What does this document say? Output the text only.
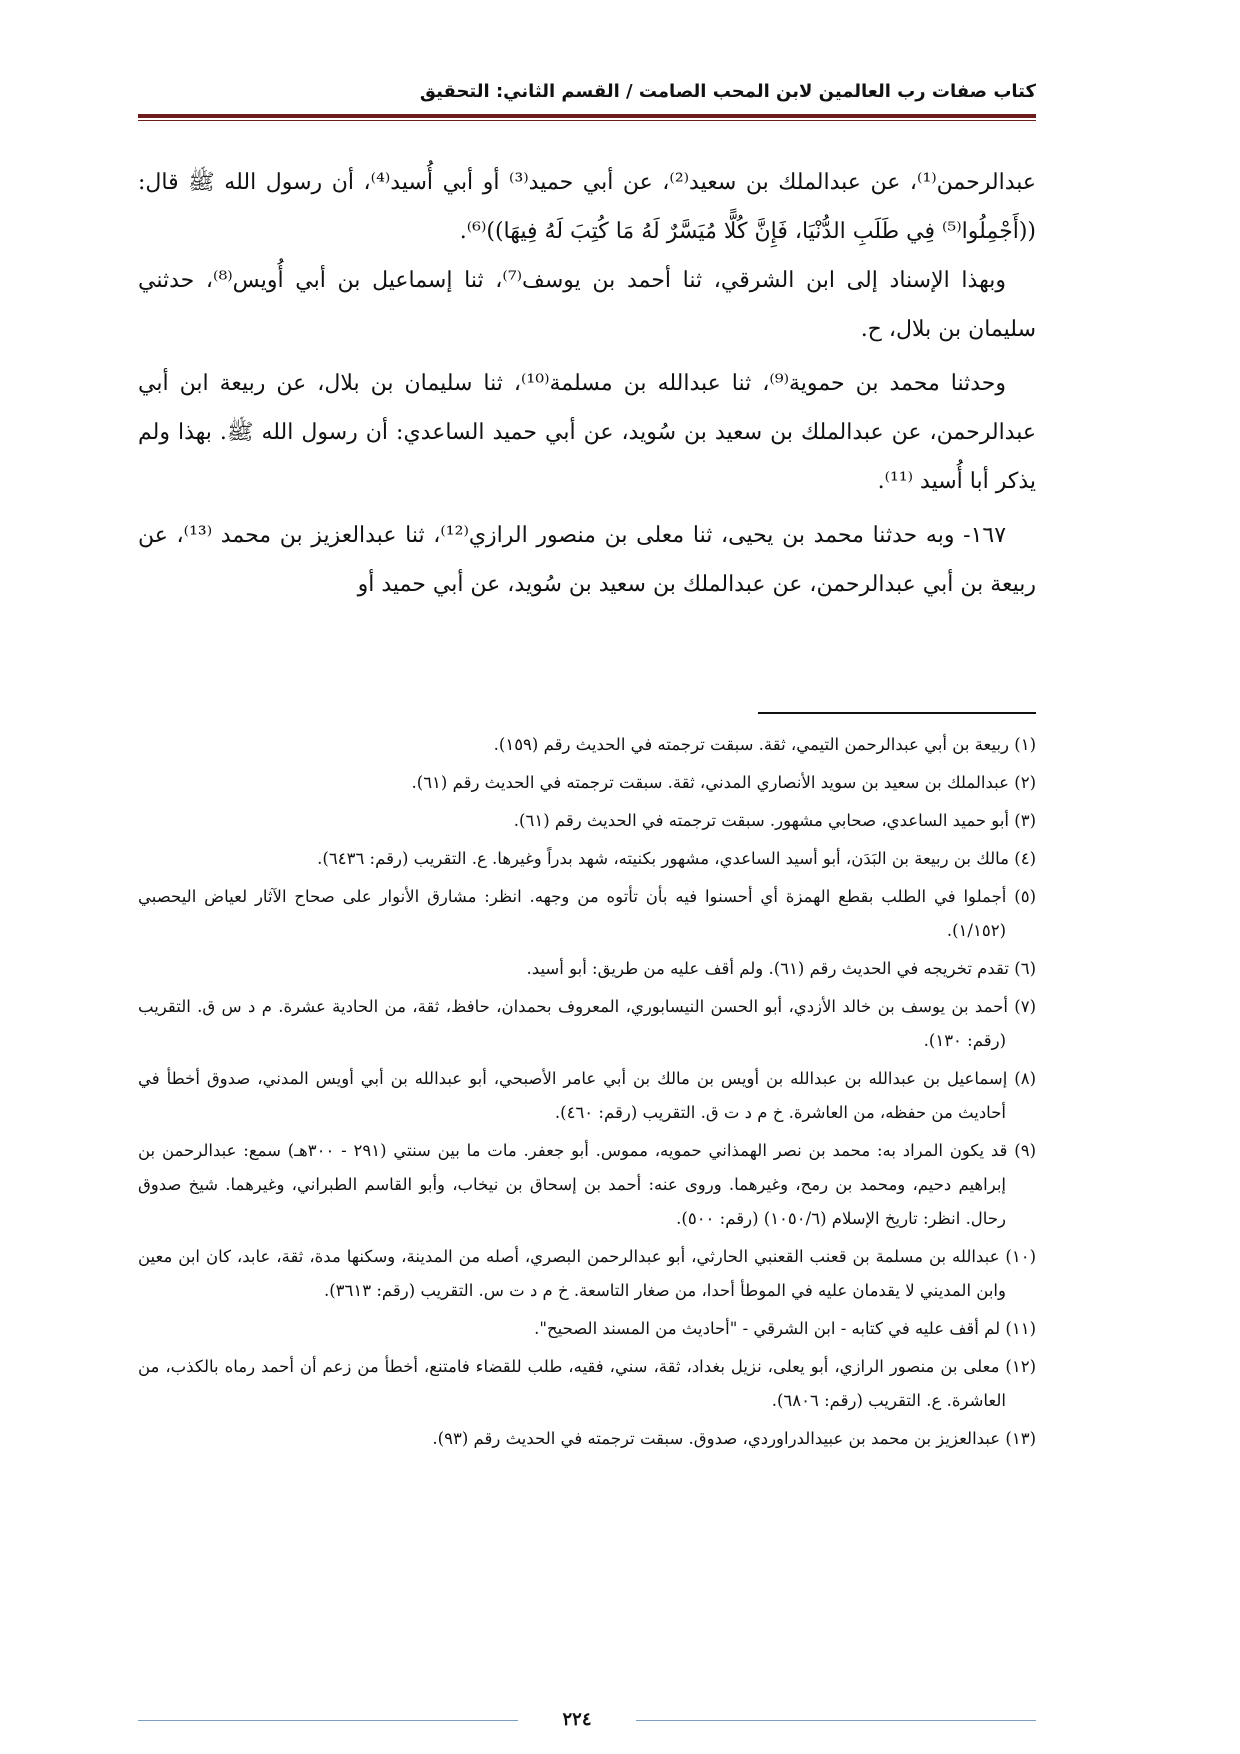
كتاب صفات رب العالمين لابن المحب الصامت / القسم الثاني: التحقيق

عبدالرحمن⁽¹⁾، عن عبدالملك بن سعيد⁽²⁾، عن أبي حميد⁽³⁾ أو أبي أُسيد⁽⁴⁾، أن رسول الله ﷺ قال: ((أَجْمِلُوا⁽⁵⁾ فِي طَلَبِ الدُّنْيَا، فَإِنَّ كُلًّا مُيَسَّرٌ لَهُ مَا كُتِبَ لَهُ فِيهَا))⁽⁶⁾.

وبهذا الإسناد إلى ابن الشرقي، ثنا أحمد بن يوسف⁽⁷⁾، ثنا إسماعيل بن أبي أُويس⁽⁸⁾، حدثني سليمان بن بلال، ح.

وحدثنا محمد بن حموية⁽⁹⁾، ثنا عبدالله بن مسلمة⁽¹⁰⁾، ثنا سليمان بن بلال، عن ربيعة ابن أبي عبدالرحمن، عن عبدالملك بن سعيد بن سُويد، عن أبي حميد الساعدي: أن رسول الله ﷺ. بهذا ولم يذكر أبا أُسيد ⁽¹¹⁾.

١٦٧- وبه حدثنا محمد بن يحيى، ثنا معلى بن منصور الرازي⁽¹²⁾، ثنا عبدالعزيز بن محمد ⁽¹³⁾، عن ربيعة بن أبي عبدالرحمن، عن عبدالملك بن سعيد بن سُويد، عن أبي حميد أو

(١) ربيعة بن أبي عبدالرحمن التيمي، ثقة. سبقت ترجمته في الحديث رقم (١٥٩).

(٢) عبدالملك بن سعيد بن سويد الأنصاري المدني، ثقة. سبقت ترجمته في الحديث رقم (٦١).

(٣) أبو حميد الساعدي، صحابي مشهور. سبقت ترجمته في الحديث رقم (٦١).

(٤) مالك بن ربيعة بن البَدَن، أبو أسيد الساعدي، مشهور بكنيته، شهد بدراً وغيرها. ع. التقريب (رقم: ٦٤٣٦).

(٥) أجملوا في الطلب بقطع الهمزة أي أحسنوا فيه بأن تأتوه من وجهه. انظر: مشارق الأنوار على صحاح الآثار لعياض اليحصبي (١/١٥٢).

(٦) تقدم تخريجه في الحديث رقم (٦١). ولم أقف عليه من طريق: أبو أسيد.

(٧) أحمد بن يوسف بن خالد الأزدي، أبو الحسن النيسابوري، المعروف بحمدان، حافظ، ثقة، من الحادية عشرة. م د س ق. التقريب (رقم: ١٣٠).

(٨) إسماعيل بن عبدالله بن عبدالله بن أويس بن مالك بن أبي عامر الأصبحي، أبو عبدالله بن أبي أويس المدني، صدوق أخطأ في أحاديث من حفظه، من العاشرة. خ م د ت ق. التقريب (رقم: ٤٦٠).

(٩) قد يكون المراد به: محمد بن نصر الهمذاني حمويه، مموس. أبو جعفر. مات ما بين سنتي (٢٩١ - ٣٠٠هـ) سمع: عبدالرحمن بن إبراهيم دحيم، ومحمد بن رمح، وغيرهما. وروى عنه: أحمد بن إسحاق بن نيخاب، وأبو القاسم الطبراني، وغيرهما. شيخ صدوق رحال. انظر: تاريخ الإسلام (١٠٥٠/٦) (رقم: ٥٠٠).

(١٠) عبدالله بن مسلمة بن قعنب القعنبي الحارثي، أبو عبدالرحمن البصري، أصله من المدينة، وسكنها مدة، ثقة، عابد، كان ابن معين وابن المديني لا يقدمان عليه في الموطأ أحدا، من صغار التاسعة. خ م د ت س. التقريب (رقم: ٣٦١٣).

(١١) لم أقف عليه في كتابه - ابن الشرقي - "أحاديث من المسند الصحيح".

(١٢) معلى بن منصور الرازي، أبو يعلى، نزيل بغداد، ثقة، سني، فقيه، طلب للقضاء فامتنع، أخطأ من زعم أن أحمد رماه بالكذب، من العاشرة. ع. التقريب (رقم: ٦٨٠٦).

(١٣) عبدالعزيز بن محمد بن عبيدالدراوردي، صدوق. سبقت ترجمته في الحديث رقم (٩٣).

٢٢٤
